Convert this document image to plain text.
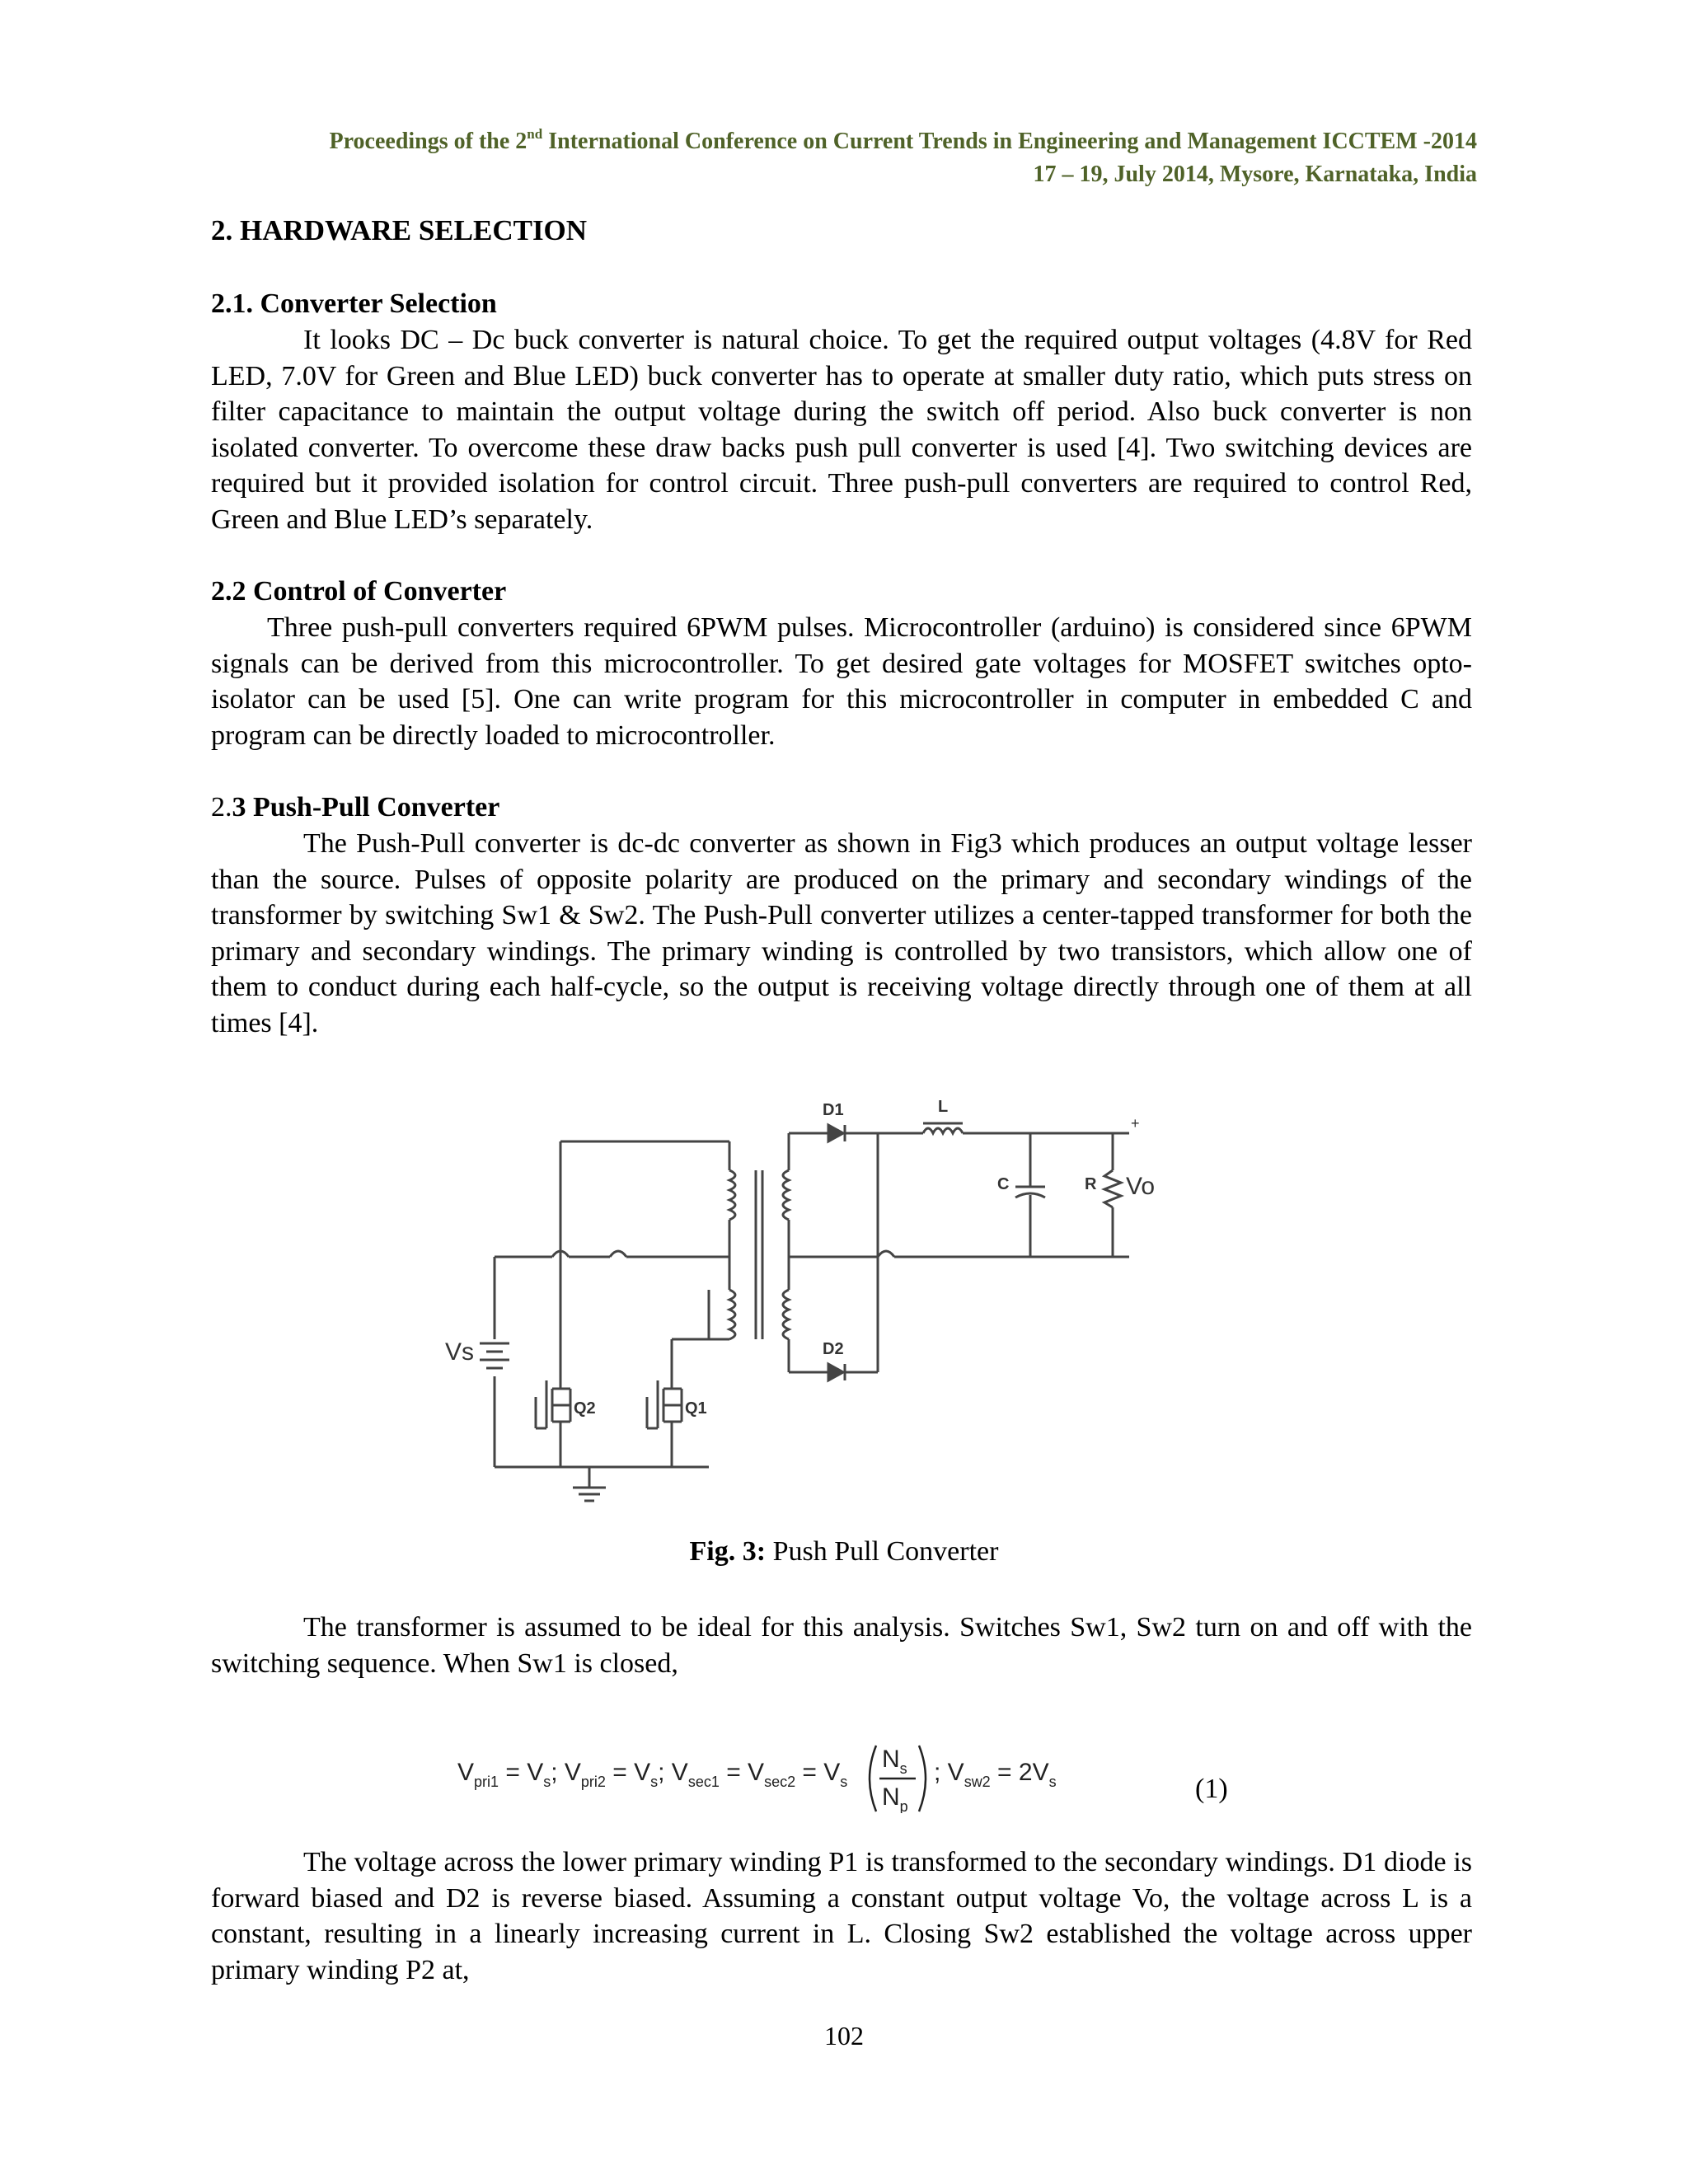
Proceedings of the 2nd International Conference on Current Trends in Engineering and Management ICCTEM -2014
17 – 19, July 2014, Mysore, Karnataka, India
2. HARDWARE SELECTION
2.1. Converter Selection

It looks DC – Dc buck converter is natural choice. To get the required output voltages (4.8V for Red LED, 7.0V for Green and Blue LED) buck converter has to operate at smaller duty ratio, which puts stress on filter capacitance to maintain the output voltage during the switch off period. Also buck converter is non isolated converter. To overcome these draw backs push pull converter is used [4]. Two switching devices are required but it provided isolation for control circuit. Three push-pull converters are required to control Red, Green and Blue LED’s separately.

2.2 Control of Converter

Three push-pull converters required 6PWM pulses. Microcontroller (arduino) is considered since 6PWM signals can be derived from this microcontroller. To get desired gate voltages for MOSFET switches opto-isolator can be used [5]. One can write program for this microcontroller in computer in embedded C and program can be directly loaded to microcontroller.

2.3 Push-Pull Converter

The Push-Pull converter is dc-dc converter as shown in Fig3 which produces an output voltage lesser than the source. Pulses of opposite polarity are produced on the primary and secondary windings of the transformer by switching Sw1 & Sw2. The Push-Pull converter utilizes a center-tapped transformer for both the primary and secondary windings. The primary winding is controlled by two transistors, which allow one of them to conduct during each half-cycle, so the output is receiving voltage directly through one of them at all times [4].

D1
D2
L
C	R Vo
Vs
Q2	Q1
+
Fig. 3: Push Pull Converter

The transformer is assumed to be ideal for this analysis. Switches Sw1, Sw2 turn on and off with the switching sequence. When Sw1 is closed,

$V_{pri1} = V_s$; $V_{pri2} = V_s$; $V_{sec1} = V_{sec2} = V_s$
$N_s$
$N_p$
; $V_{sw2} = 2V_s$	(1)

The voltage across the lower primary winding P1 is transformed to the secondary windings. D1 diode is forward biased and D2 is reverse biased. Assuming a constant output voltage Vo, the voltage across L is a constant, resulting in a linearly increasing current in L. Closing Sw2 established the voltage across upper primary winding P2 at,

102
